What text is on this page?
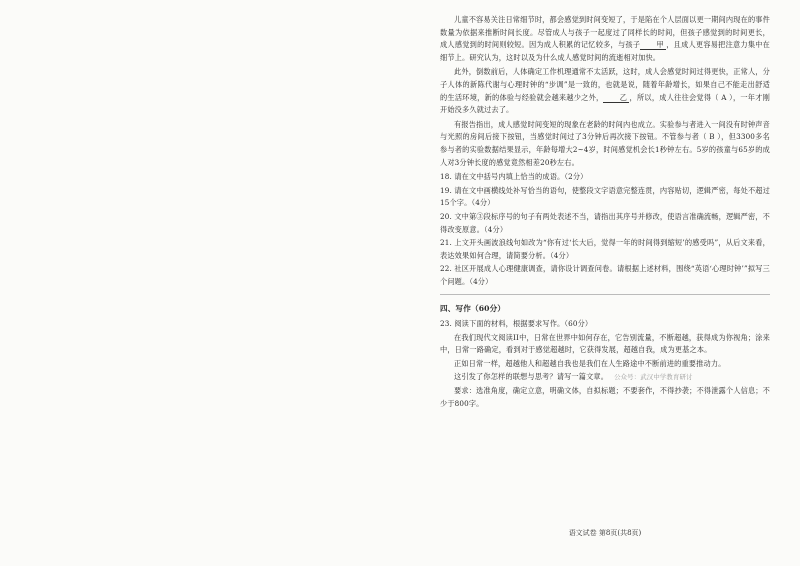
儿童不容易关注日常细节时，都会感觉到时间变短了，于是陷在个人层面以更一期间内现在的事件数量为依据来推断时间长度。尽管成人与孩子一起度过了同样长的时间，但孩子感觉到的时间更长，成人感觉到的时间则较短。因为成人积累的记忆较多，与孩子 甲 ，且成人更容易把注意力集中在细节上。研究认为，这时以及为什么成人感觉时间的流逝相对加快。

此外，倒数前后，人体确定工作机理通常不太活跃，这时，成人会感觉时间过得更快，正常人，分子人体的新陈代谢与心理时钟的“步调”是一致的，也就是说，随着年龄增长，如果自己不能走出舒适的生活环境，新的体验与经验就会越来越少之外， 乙 ，所以，成人往往会觉得（ A ），一年才刚开始没多久就过去了。

有报告指出，成人感觉时间变短的现象在老龄的时间内也成立。实验参与者进入一间没有时钟声音与光照的房间后接下按钮，当感觉时间过了3分钟后再次接下按钮。不管参与者（ B ），但3300多名参与者的实验数据结果显示，年龄每增大2~4岁，时间感觉机会长1秒钟左右。5岁的孩童与65岁的成人对3分钟长度的感觉竟然相差20秒左右。

18. 请在文中括号内填上恰当的成语。（2分）

19. 请在文中画横线处补写恰当的语句，使整段文字语意完整连贯，内容贴切，逻辑严密，每处不超过15个字。（4分）

20. 文中第③段标序号的句子有两处表述不当，请指出其序号并修改，使语言准确流畅，逻辑严密，不得改变原意。（4分）

21. 上文开头画波浪线句如改为“你有过‘长大后，觉得一年的时间得到缩短’的感受吗”，从后文来看，表达效果如何合理，请简要分析。（4分）

22. 社区开展成人心理健康调查，请你设计调查问卷。请根据上述材料，围绕“英语‘心理时钟’”拟写三个问题。（4分）

四、写作（60分）

23. 阅读下面的材料，根据要求写作。（60分）

在我们现代文阅读II中，日常在世界中如何存在，它告别流量，不断超越，获得成为你视角；涂来中，日常一路确定，看到对于感觉超越时，它获得发展，超越自我，成为更基之本。

正如日常一样，超越他人和超越自我也是我们在人生路途中不断前进的重要推动力。

这引发了你怎样的联想与思考？请写一篇文章。 公众号：武汉中学教育研讨

要求：选准角度，确定立意，明确文体，自拟标题；不要套作，不得抄袭；不得泄露个人信息；不少于800字。

语文试卷 第8页(共8页)
